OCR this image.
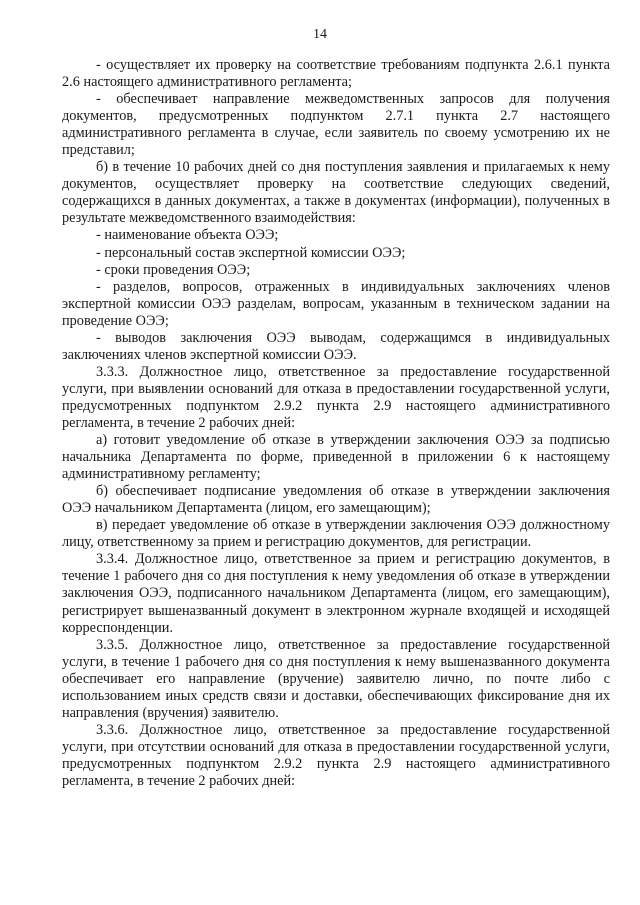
14

- осуществляет их проверку на соответствие требованиям подпункта 2.6.1 пункта 2.6 настоящего административного регламента;

- обеспечивает направление межведомственных запросов для получения документов, предусмотренных подпунктом 2.7.1 пункта 2.7 настоящего административного регламента в случае, если заявитель по своему усмотрению их не представил;

б) в течение 10 рабочих дней со дня поступления заявления и прилагаемых к нему документов, осуществляет проверку на соответствие следующих сведений, содержащихся в данных документах, а также в документах (информации), полученных в результате межведомственного взаимодействия:

- наименование объекта ОЭЭ;

- персональный состав экспертной комиссии ОЭЭ;

- сроки проведения ОЭЭ;

- разделов, вопросов, отраженных в индивидуальных заключениях членов экспертной комиссии ОЭЭ разделам, вопросам, указанным в техническом задании на проведение ОЭЭ;

- выводов заключения ОЭЭ выводам, содержащимся в индивидуальных заключениях членов экспертной комиссии ОЭЭ.

3.3.3. Должностное лицо, ответственное за предоставление государственной услуги, при выявлении оснований для отказа в предоставлении государственной услуги, предусмотренных подпунктом 2.9.2 пункта 2.9 настоящего административного регламента, в течение 2 рабочих дней:

а) готовит уведомление об отказе в утверждении заключения ОЭЭ за подписью начальника Департамента по форме, приведенной в приложении 6 к настоящему административному регламенту;

б) обеспечивает подписание уведомления об отказе в утверждении заключения ОЭЭ начальником Департамента (лицом, его замещающим);

в) передает уведомление об отказе в утверждении заключения ОЭЭ должностному лицу, ответственному за прием и регистрацию документов, для регистрации.

3.3.4. Должностное лицо, ответственное за прием и регистрацию документов, в течение 1 рабочего дня со дня поступления к нему уведомления об отказе в утверждении заключения ОЭЭ, подписанного начальником Департамента (лицом, его замещающим), регистрирует вышеназванный документ в электронном журнале входящей и исходящей корреспонденции.

3.3.5. Должностное лицо, ответственное за предоставление государственной услуги, в течение 1 рабочего дня со дня поступления к нему вышеназванного документа обеспечивает его направление (вручение) заявителю лично, по почте либо с использованием иных средств связи и доставки, обеспечивающих фиксирование дня их направления (вручения) заявителю.

3.3.6. Должностное лицо, ответственное за предоставление государственной услуги, при отсутствии оснований для отказа в предоставлении государственной услуги, предусмотренных подпунктом 2.9.2 пункта 2.9 настоящего административного регламента, в течение 2 рабочих дней:
